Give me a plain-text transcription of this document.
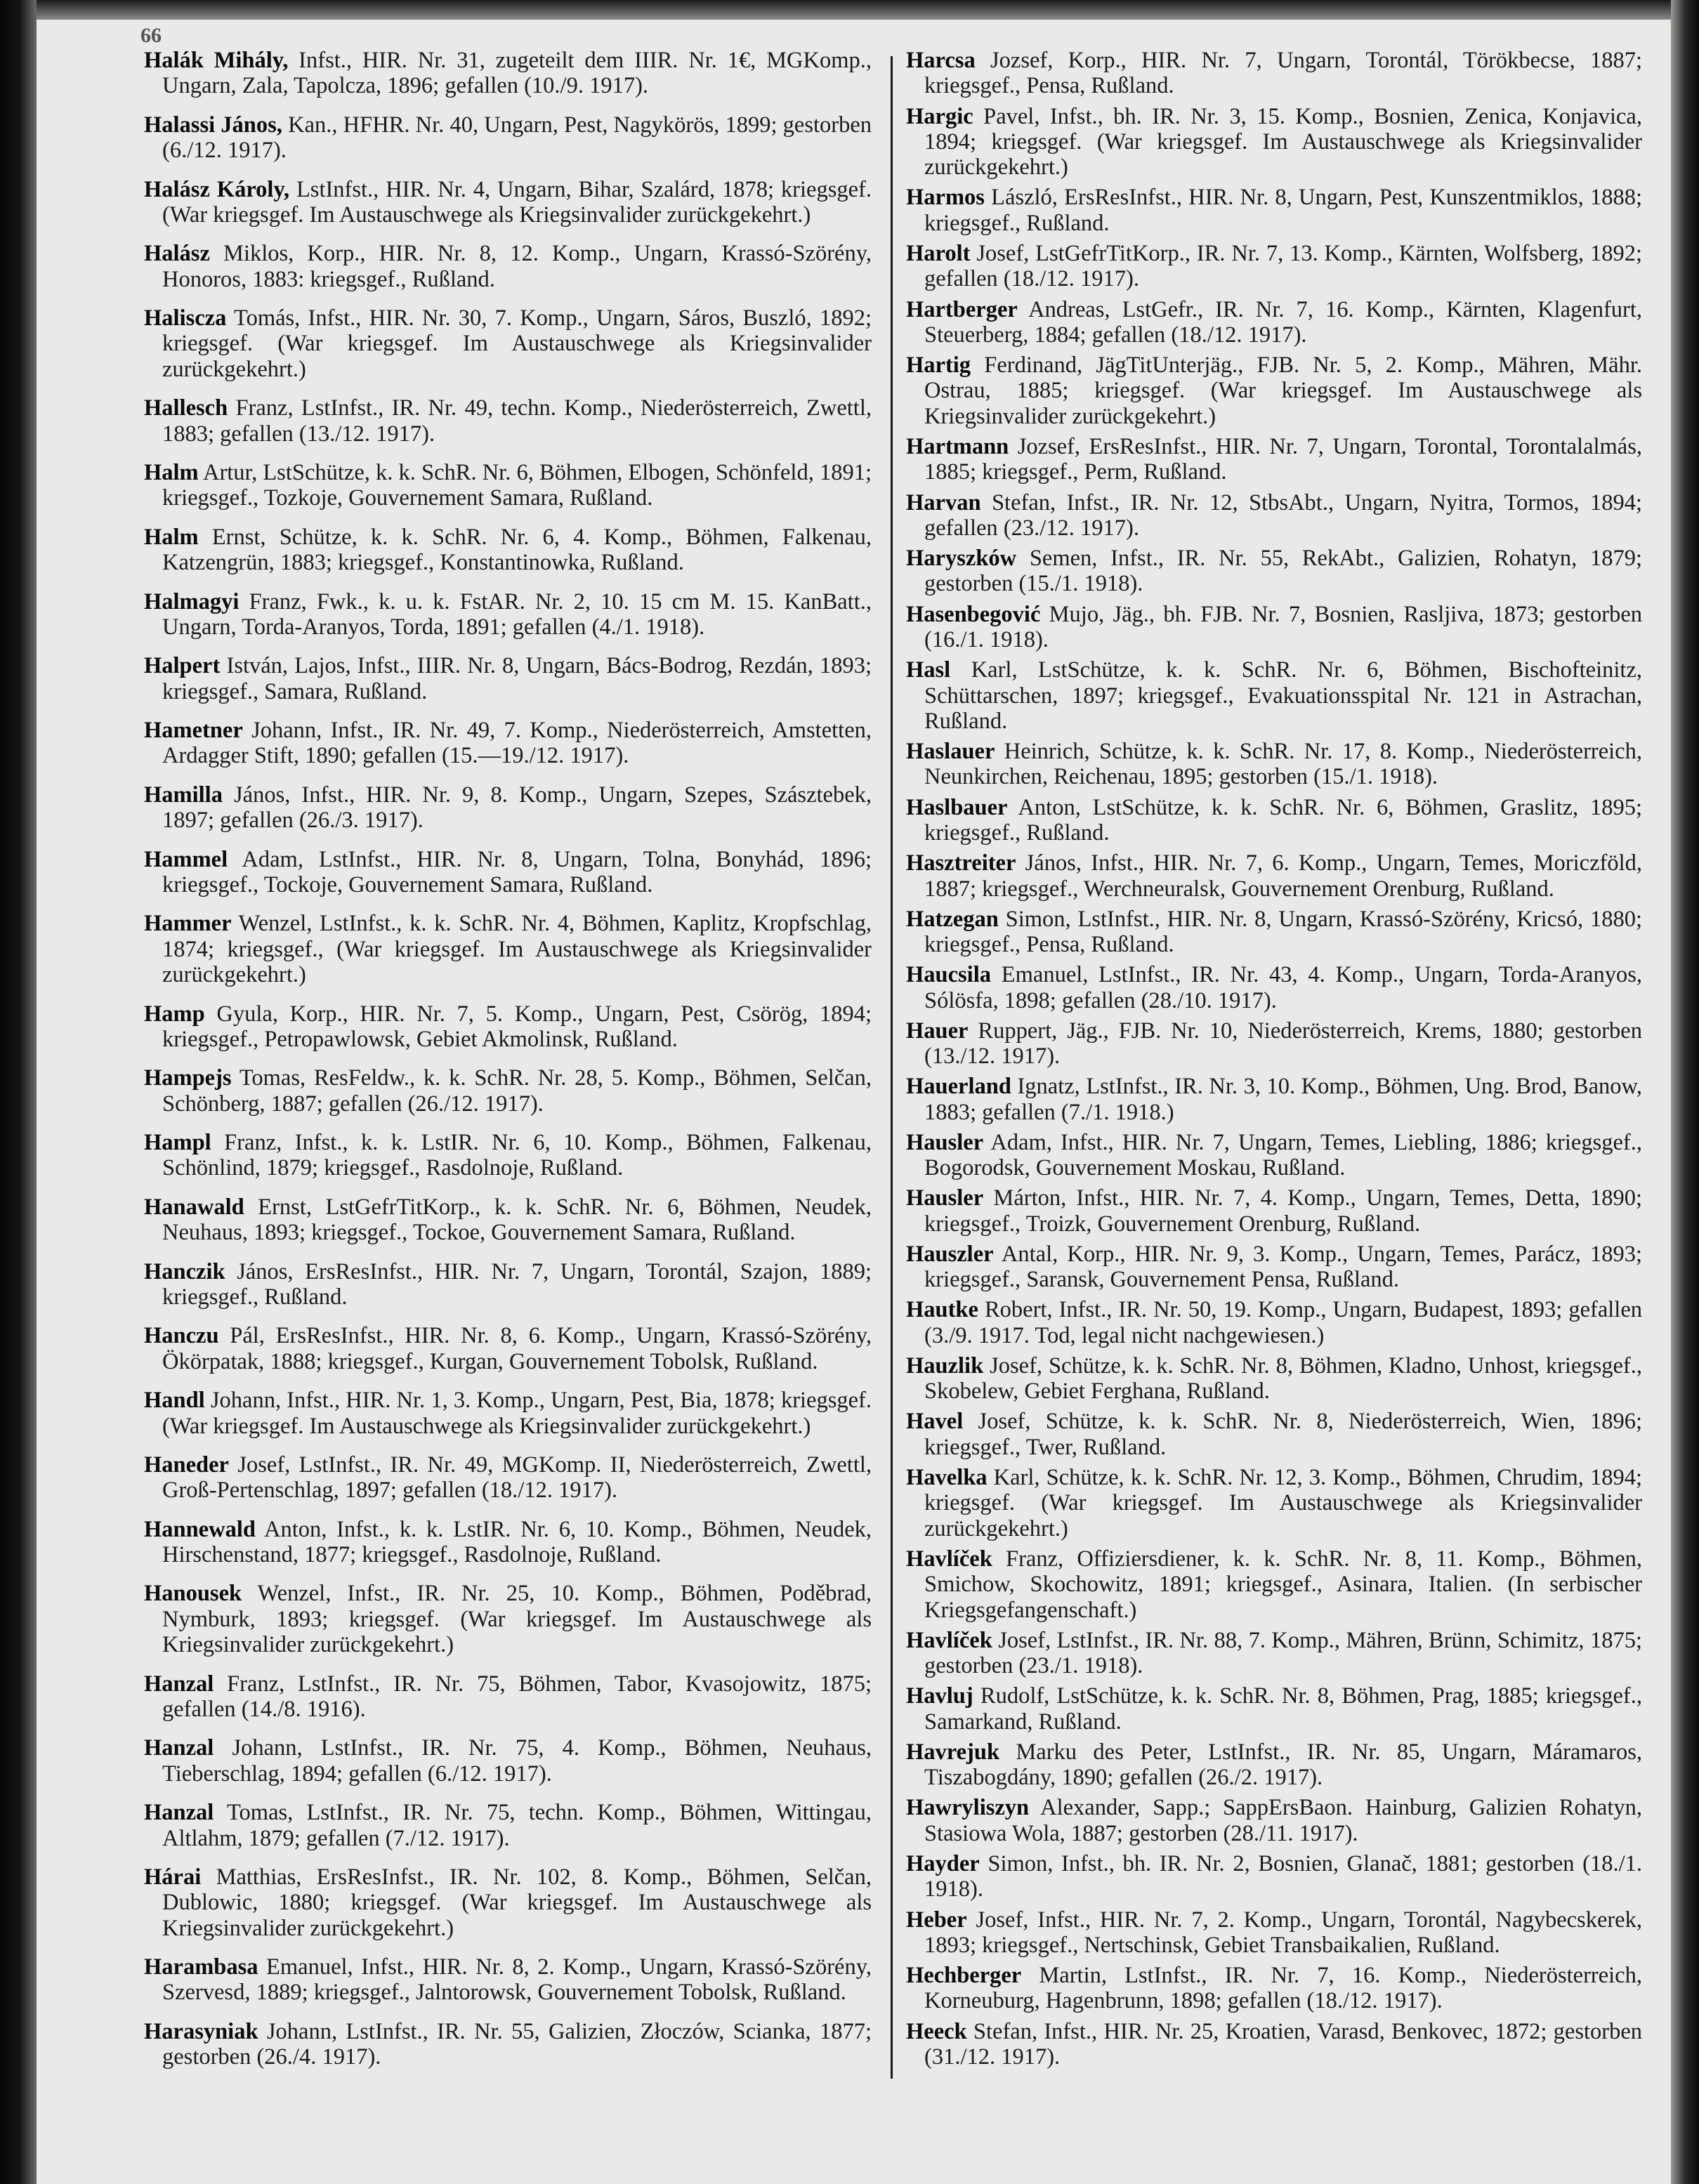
66
Halák Mihály, Infst., HIR. Nr. 31, zugeteilt dem IIIR. Nr. 1€, MGKomp., Ungarn, Zala, Tapolcza, 1896; gefallen (10./9. 1917).
Halassi János, Kan., HFHR. Nr. 40, Ungarn, Pest, Nagykörös, 1899; gestorben (6./12. 1917).
Halász Károly, LstInfst., HIR. Nr. 4, Ungarn, Bihar, Szalárd, 1878; kriegsgef. (War kriegsgef. Im Austauschwege als Kriegsinvalider zurückgekehrt.)
Halász Miklos, Korp., HIR. Nr. 8, 12. Komp., Ungarn, Krassó-Szörény, Honoros, 1883: kriegsgef., Rußland.
Haliscza Tomás, Infst., HIR. Nr. 30, 7. Komp., Ungarn, Sáros, Buszló, 1892; kriegsgef. (War kriegsgef. Im Austauschwege als Kriegsinvalider zurückgekehrt.)
Hallesch Franz, LstInfst., IR. Nr. 49, techn. Komp., Niederösterreich, Zwettl, 1883; gefallen (13./12. 1917).
Halm Artur, LstSchütze, k. k. SchR. Nr. 6, Böhmen, Elbogen, Schönfeld, 1891; kriegsgef., Tozkoje, Gouvernement Samara, Rußland.
Halm Ernst, Schütze, k. k. SchR. Nr. 6, 4. Komp., Böhmen, Falkenau, Katzengrün, 1883; kriegsgef., Konstantinowka, Rußland.
Halmagyi Franz, Fwk., k. u. k. FstAR. Nr. 2, 10. 15 cm M. 15. KanBatt., Ungarn, Torda-Aranyos, Torda, 1891; gefallen (4./1. 1918).
Halpert István, Lajos, Infst., IIIR. Nr. 8, Ungarn, Bács-Bodrog, Rezdán, 1893; kriegsgef., Samara, Rußland.
Hametner Johann, Infst., IR. Nr. 49, 7. Komp., Niederösterreich, Amstetten, Ardagger Stift, 1890; gefallen (15.—19./12. 1917).
Hamilla János, Infst., HIR. Nr. 9, 8. Komp., Ungarn, Szepes, Szásztebek, 1897; gefallen (26./3. 1917).
Hammel Adam, LstInfst., HIR. Nr. 8, Ungarn, Tolna, Bonyhád, 1896; kriegsgef., Tockoje, Gouvernement Samara, Rußland.
Hammer Wenzel, LstInfst., k. k. SchR. Nr. 4, Böhmen, Kaplitz, Kropfschlag, 1874; kriegsgef., (War kriegsgef. Im Austauschwege als Kriegsinvalider zurückgekehrt.)
Hamp Gyula, Korp., HIR. Nr. 7, 5. Komp., Ungarn, Pest, Csörög, 1894; kriegsgef., Petropawlowsk, Gebiet Akmolinsk, Rußland.
Hampejs Tomas, ResFeldw., k. k. SchR. Nr. 28, 5. Komp., Böhmen, Selčan, Schönberg, 1887; gefallen (26./12. 1917).
Hampl Franz, Infst., k. k. LstIR. Nr. 6, 10. Komp., Böhmen, Falkenau, Schönlind, 1879; kriegsgef., Rasdolnoje, Rußland.
Hanawald Ernst, LstGefrTitKorp., k. k. SchR. Nr. 6, Böhmen, Neudek, Neuhaus, 1893; kriegsgef., Tockoe, Gouvernement Samara, Rußland.
Hanczik János, ErsResInfst., HIR. Nr. 7, Ungarn, Torontál, Szajon, 1889; kriegsgef., Rußland.
Hanczu Pál, ErsResInfst., HIR. Nr. 8, 6. Komp., Ungarn, Krassó-Szörény, Ökörpatak, 1888; kriegsgef., Kurgan, Gouvernement Tobolsk, Rußland.
Handl Johann, Infst., HIR. Nr. 1, 3. Komp., Ungarn, Pest, Bia, 1878; kriegsgef. (War kriegsgef. Im Austauschwege als Kriegsinvalider zurückgekehrt.)
Haneder Josef, LstInfst., IR. Nr. 49, MGKomp. II, Niederösterreich, Zwettl, Groß-Pertenschlag, 1897; gefallen (18./12. 1917).
Hannewald Anton, Infst., k. k. LstIR. Nr. 6, 10. Komp., Böhmen, Neudek, Hirschenstand, 1877; kriegsgef., Rasdolnoje, Rußland.
Hanousek Wenzel, Infst., IR. Nr. 25, 10. Komp., Böhmen, Poděbrad, Nymburk, 1893; kriegsgef. (War kriegsgef. Im Austauschwege als Kriegsinvalider zurückgekehrt.)
Hanzal Franz, LstInfst., IR. Nr. 75, Böhmen, Tabor, Kvasojowitz, 1875; gefallen (14./8. 1916).
Hanzal Johann, LstInfst., IR. Nr. 75, 4. Komp., Böhmen, Neuhaus, Tieberschlag, 1894; gefallen (6./12. 1917).
Hanzal Tomas, LstInfst., IR. Nr. 75, techn. Komp., Böhmen, Wittingau, Altlahm, 1879; gefallen (7./12. 1917).
Hárai Matthias, ErsResInfst., IR. Nr. 102, 8. Komp., Böhmen, Selčan, Dublowic, 1880; kriegsgef. (War kriegsgef. Im Austauschwege als Kriegsinvalider zurückgekehrt.)
Harambasa Emanuel, Infst., HIR. Nr. 8, 2. Komp., Ungarn, Krassó-Szörény, Szervesd, 1889; kriegsgef., Jalntorowsk, Gouvernement Tobolsk, Rußland.
Harasyniak Johann, LstInfst., IR. Nr. 55, Galizien, Złoczów, Scianka, 1877; gestorben (26./4. 1917).
Harcsa Jozsef, Korp., HIR. Nr. 7, Ungarn, Torontál, Törökbecse, 1887; kriegsgef., Pensa, Rußland.
Hargic Pavel, Infst., bh. IR. Nr. 3, 15. Komp., Bosnien, Zenica, Konjavica, 1894; kriegsgef. (War kriegsgef. Im Austauschwege als Kriegsinvalider zurückgekehrt.)
Harmos László, ErsResInfst., HIR. Nr. 8, Ungarn, Pest, Kunszentmiklos, 1888; kriegsgef., Rußland.
Harolt Josef, LstGefrTitKorp., IR. Nr. 7, 13. Komp., Kärnten, Wolfsberg, 1892; gefallen (18./12. 1917).
Hartberger Andreas, LstGefr., IR. Nr. 7, 16. Komp., Kärnten, Klagenfurt, Steuerberg, 1884; gefallen (18./12. 1917).
Hartig Ferdinand, JägTitUnterjäg., FJB. Nr. 5, 2. Komp., Mähren, Mähr. Ostrau, 1885; kriegsgef. (War kriegsgef. Im Austauschwege als Kriegsinvalider zurückgekehrt.)
Hartmann Jozsef, ErsResInfst., HIR. Nr. 7, Ungarn, Torontal, Torontalalmás, 1885; kriegsgef., Perm, Rußland.
Harvan Stefan, Infst., IR. Nr. 12, StbsAbt., Ungarn, Nyitra, Tormos, 1894; gefallen (23./12. 1917).
Haryszków Semen, Infst., IR. Nr. 55, RekAbt., Galizien, Rohatyn, 1879; gestorben (15./1. 1918).
Hasenbegović Mujo, Jäg., bh. FJB. Nr. 7, Bosnien, Rasljiva, 1873; gestorben (16./1. 1918).
Hasl Karl, LstSchütze, k. k. SchR. Nr. 6, Böhmen, Bischofteinitz, Schüttarschen, 1897; kriegsgef., Evakuationsspital Nr. 121 in Astrachan, Rußland.
Haslauer Heinrich, Schütze, k. k. SchR. Nr. 17, 8. Komp., Niederösterreich, Neunkirchen, Reichenau, 1895; gestorben (15./1. 1918).
Haslbauer Anton, LstSchütze, k. k. SchR. Nr. 6, Böhmen, Graslitz, 1895; kriegsgef., Rußland.
Hasztreiter János, Infst., HIR. Nr. 7, 6. Komp., Ungarn, Temes, Moriczföld, 1887; kriegsgef., Werchneuralsk, Gouvernement Orenburg, Rußland.
Hatzegan Simon, LstInfst., HIR. Nr. 8, Ungarn, Krassó-Szörény, Kricsó, 1880; kriegsgef., Pensa, Rußland.
Haucsila Emanuel, LstInfst., IR. Nr. 43, 4. Komp., Ungarn, Torda-Aranyos, Sólösfa, 1898; gefallen (28./10. 1917).
Hauer Ruppert, Jäg., FJB. Nr. 10, Niederösterreich, Krems, 1880; gestorben (13./12. 1917).
Hauerland Ignatz, LstInfst., IR. Nr. 3, 10. Komp., Böhmen, Ung. Brod, Banow, 1883; gefallen (7./1. 1918.)
Hausler Adam, Infst., HIR. Nr. 7, Ungarn, Temes, Liebling, 1886; kriegsgef., Bogorodsk, Gouvernement Moskau, Rußland.
Hausler Márton, Infst., HIR. Nr. 7, 4. Komp., Ungarn, Temes, Detta, 1890; kriegsgef., Troizk, Gouvernement Orenburg, Rußland.
Hauszler Antal, Korp., HIR. Nr. 9, 3. Komp., Ungarn, Temes, Parácz, 1893; kriegsgef., Saransk, Gouvernement Pensa, Rußland.
Hautke Robert, Infst., IR. Nr. 50, 19. Komp., Ungarn, Budapest, 1893; gefallen (3./9. 1917. Tod, legal nicht nachgewiesen.)
Hauzlik Josef, Schütze, k. k. SchR. Nr. 8, Böhmen, Kladno, Unhost, kriegsgef., Skobelew, Gebiet Ferghana, Rußland.
Havel Josef, Schütze, k. k. SchR. Nr. 8, Niederösterreich, Wien, 1896; kriegsgef., Twer, Rußland.
Havelka Karl, Schütze, k. k. SchR. Nr. 12, 3. Komp., Böhmen, Chrudim, 1894; kriegsgef. (War kriegsgef. Im Austauschwege als Kriegsinvalider zurückgekehrt.)
Havlíček Franz, Offiziersdiener, k. k. SchR. Nr. 8, 11. Komp., Böhmen, Smichow, Skochowitz, 1891; kriegsgef., Asinara, Italien. (In serbischer Kriegsgefangenschaft.)
Havlíček Josef, LstInfst., IR. Nr. 88, 7. Komp., Mähren, Brünn, Schimitz, 1875; gestorben (23./1. 1918).
Havluj Rudolf, LstSchütze, k. k. SchR. Nr. 8, Böhmen, Prag, 1885; kriegsgef., Samarkand, Rußland.
Havrejuk Marku des Peter, LstInfst., IR. Nr. 85, Ungarn, Máramaros, Tiszabogdány, 1890; gefallen (26./2. 1917).
Hawryliszyn Alexander, Sapp.; SappErsBaon. Hainburg, Galizien Rohatyn, Stasiowa Wola, 1887; gestorben (28./11. 1917).
Hayder Simon, Infst., bh. IR. Nr. 2, Bosnien, Glanač, 1881; gestorben (18./1. 1918).
Heber Josef, Infst., HIR. Nr. 7, 2. Komp., Ungarn, Torontál, Nagybecskerek, 1893; kriegsgef., Nertschinsk, Gebiet Transbaikalien, Rußland.
Hechberger Martin, LstInfst., IR. Nr. 7, 16. Komp., Niederösterreich, Korneuburg, Hagenbrunn, 1898; gefallen (18./12. 1917).
Heeck Stefan, Infst., HIR. Nr. 25, Kroatien, Varasd, Benkovec, 1872; gestorben (31./12. 1917).
